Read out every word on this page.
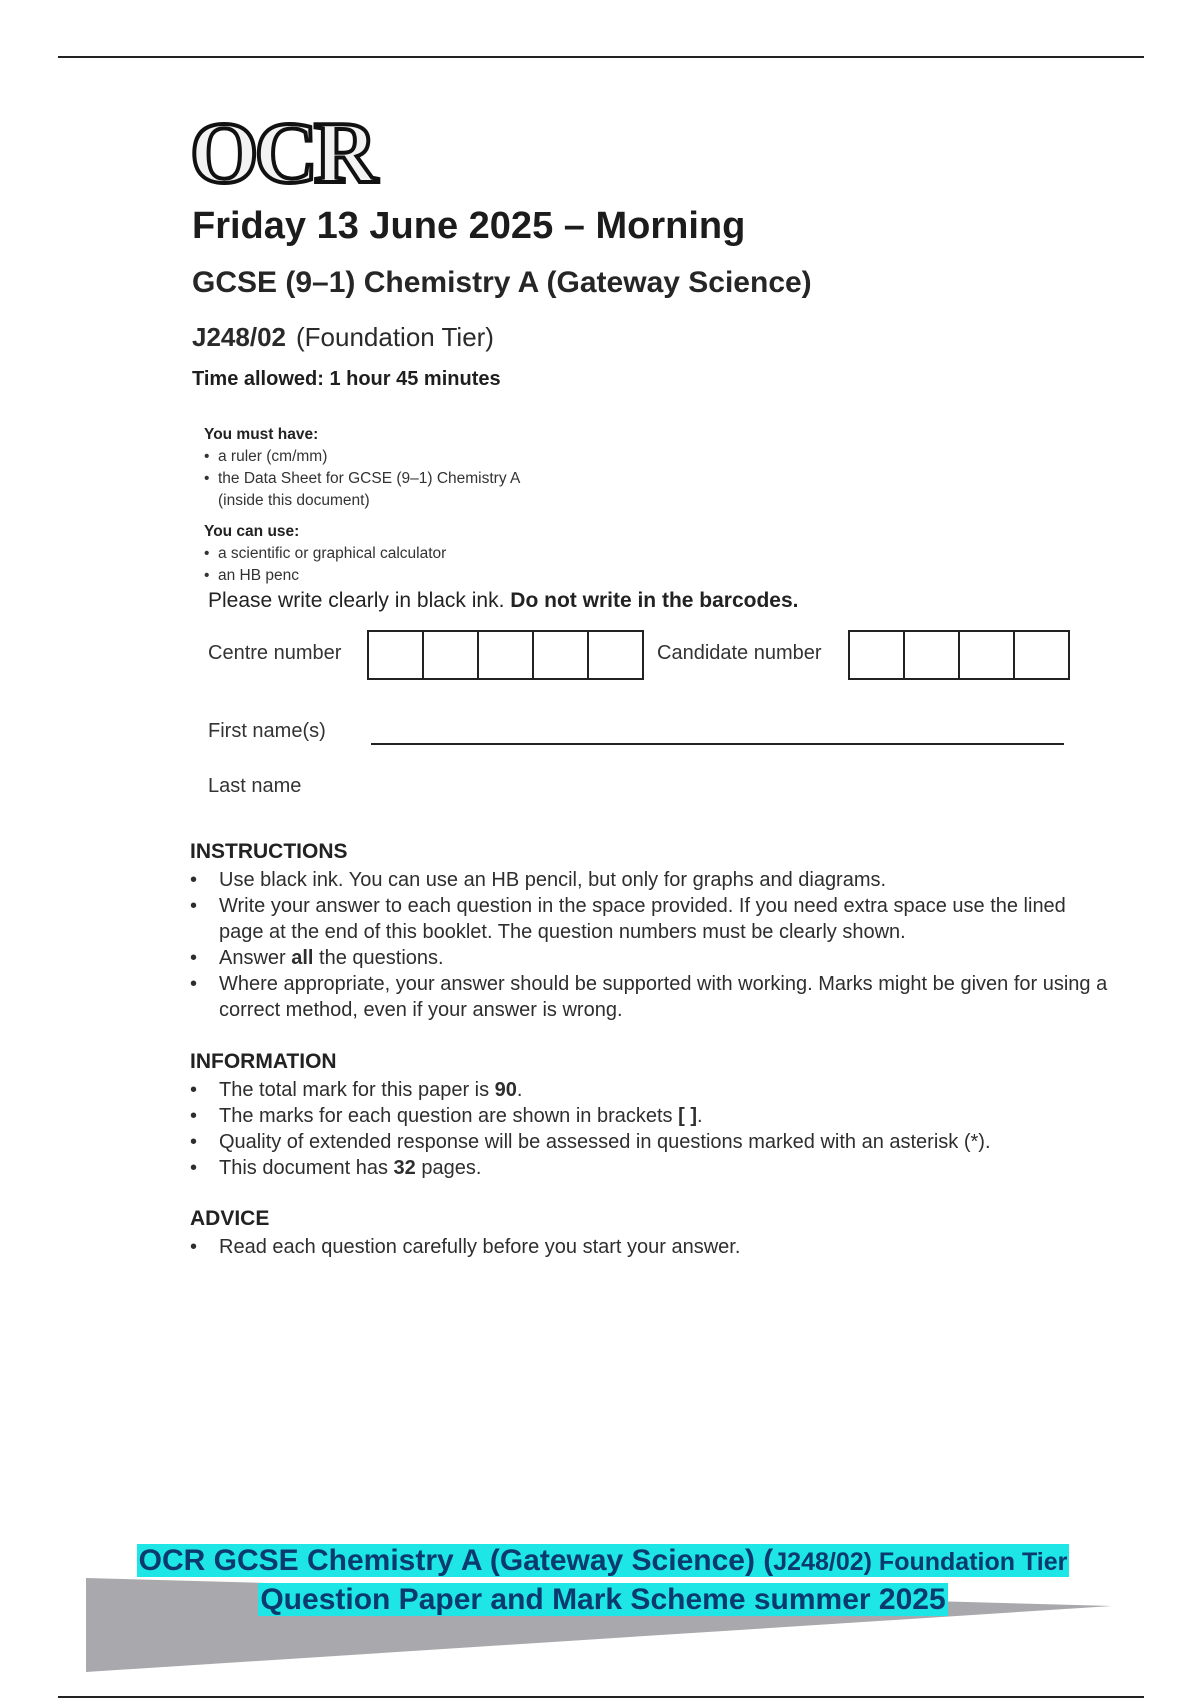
OCR
Friday 13 June 2025 – Morning
GCSE (9–1) Chemistry A (Gateway Science)
J248/02 (Foundation Tier)
Time allowed: 1 hour 45 minutes
You must have:
• a ruler (cm/mm)
• the Data Sheet for GCSE (9–1) Chemistry A
(inside this document)
You can use:
• a scientific or graphical calculator
• an HB penc
Please write clearly in black ink. Do not write in the barcodes.
Centre number	Candidate number
First name(s)
Last name
INSTRUCTIONS
• Use black ink. You can use an HB pencil, but only for graphs and diagrams.
• Write your answer to each question in the space provided. If you need extra space use the lined page at the end of this booklet. The question numbers must be clearly shown.
• Answer all the questions.
• Where appropriate, your answer should be supported with working. Marks might be given for using a correct method, even if your answer is wrong.
INFORMATION
• The total mark for this paper is 90.
• The marks for each question are shown in brackets [ ].
• Quality of extended response will be assessed in questions marked with an asterisk (*).
• This document has 32 pages.
ADVICE
• Read each question carefully before you start your answer.
OCR GCSE Chemistry A (Gateway Science) (J248/02) Foundation Tier
Question Paper and Mark Scheme summer 2025
